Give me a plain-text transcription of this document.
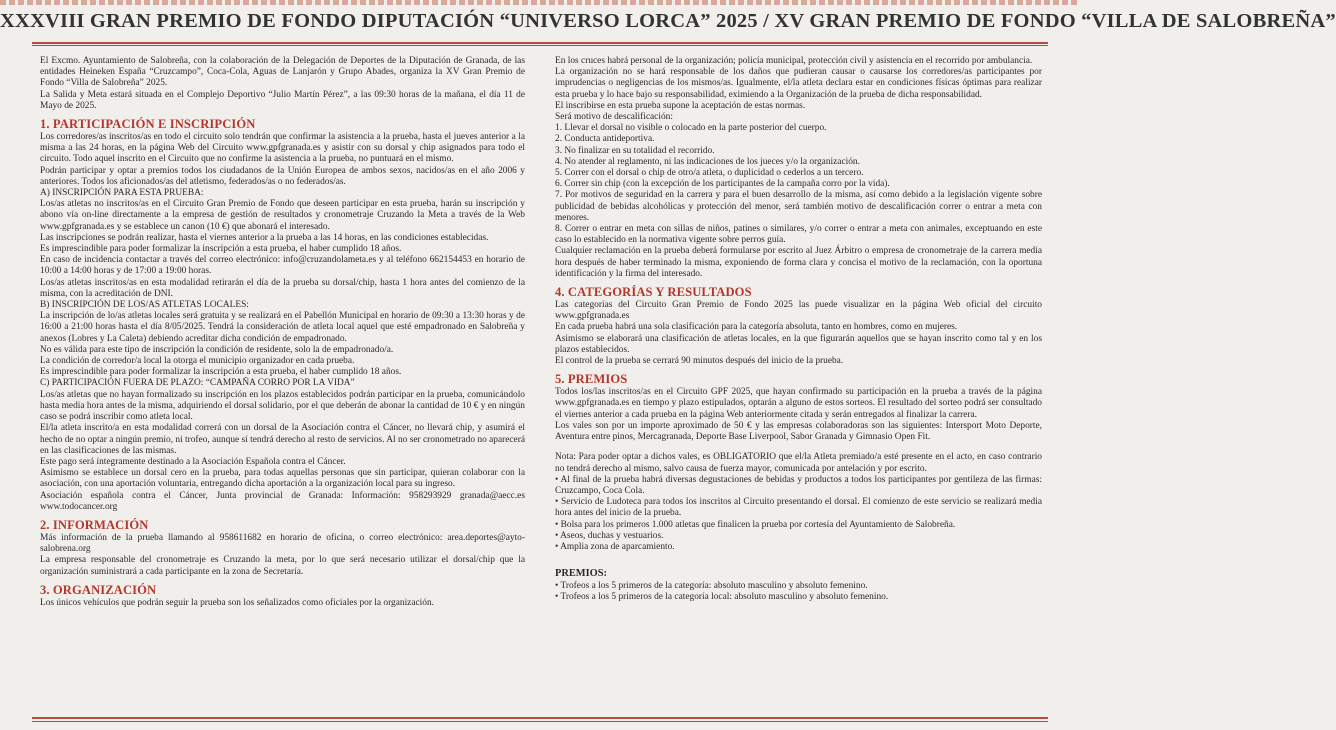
XXXVIII GRAN PREMIO DE FONDO DIPUTACIÓN “UNIVERSO LORCA” 2025 / XV GRAN PREMIO DE FONDO “VILLA DE SALOBREÑA”

El Excmo. Ayuntamiento de Salobreña, con la colaboración de la Delegación de Deportes de la Diputación de Granada, de las entidades Heineken España “Cruzcampo”, Coca-Cola, Aguas de Lanjarón y Grupo Abades, organiza la XV Gran Premio de Fondo “Villa de Salobreña” 2025.

La Salida y Meta estará situada en el Complejo Deportivo “Julio Martín Pérez”, a las 09:30 horas de la mañana, el día 11 de Mayo de 2025.

1. PARTICIPACIÓN E INSCRIPCIÓN

Los corredores/as inscritos/as en todo el circuito solo tendrán que confirmar la asistencia a la prueba, hasta el jueves anterior a la misma a las 24 horas, en la página Web del Circuito www.gpfgranada.es y asistir con su dorsal y chip asignados para todo el circuito. Todo aquel inscrito en el Circuito que no confirme la asistencia a la prueba, no puntuará en el mismo.

Podrán participar y optar a premios todos los ciudadanos de la Unión Europea de ambos sexos, nacidos/as en el año 2006 y anteriores. Todos los aficionados/as del atletismo, federados/as o no federados/as.

A) INSCRIPCIÓN PARA ESTA PRUEBA:

Los/as atletas no inscritos/as en el Circuito Gran Premio de Fondo que deseen participar en esta prueba, harán su inscripción y abono vía on-line directamente a la empresa de gestión de resultados y cronometraje Cruzando la Meta a través de la Web www.gpfgranada.es y se establece un canon (10 €) que abonará el interesado.

Las inscripciones se podrán realizar, hasta el viernes anterior a la prueba a las 14 horas, en las condiciones establecidas.

Es imprescindible para poder formalizar la inscripción a esta prueba, el haber cumplido 18 años.

En caso de incidencia contactar a través del correo electrónico: info@cruzandolameta.es y al teléfono 662154453 en horario de 10:00 a 14:00 horas y de 17:00 a 19:00 horas.

Los/as atletas inscritos/as en esta modalidad retirarán el día de la prueba su dorsal/chip, hasta 1 hora antes del comienzo de la misma, con la acreditación de DNI.

B) INSCRIPCIÓN DE LOS/AS ATLETAS LOCALES:

La inscripción de lo/as atletas locales será gratuita y se realizará en el Pabellón Municipal en horario de 09:30 a 13:30 horas y de 16:00 a 21:00 horas hasta el día 8/05/2025. Tendrá la consideración de atleta local aquel que esté empadronado en Salobreña y anexos (Lobres y La Caleta) debiendo acreditar dicha condición de empadronado.

No es válida para este tipo de inscripción la condición de residente, solo la de empadronado/a.

La condición de corredor/a local la otorga el municipio organizador en cada prueba.

Es imprescindible para poder formalizar la inscripción a esta prueba, el haber cumplido 18 años.

C) PARTICIPACIÓN FUERA DE PLAZO: “CAMPAÑA CORRO POR LA VIDA”

Los/as atletas que no hayan formalizado su inscripción en los plazos establecidos podrán participar en la prueba, comunicándolo hasta media hora antes de la misma, adquiriendo el dorsal solidario, por el que deberán de abonar la cantidad de 10 € y en ningún caso se podrá inscribir como atleta local.

El/la atleta inscrito/a en esta modalidad correrá con un dorsal de la Asociación contra el Cáncer, no llevará chip, y asumirá el hecho de no optar a ningún premio, ni trofeo, aunque sí tendrá derecho al resto de servicios. Al no ser cronometrado no aparecerá en las clasificaciones de las mismas.

Este pago será íntegramente destinado a la Asociación Española contra el Cáncer.

Asimismo se establece un dorsal cero en la prueba, para todas aquellas personas que sin participar, quieran colaborar con la asociación, con una aportación voluntaria, entregando dicha aportación a la organización local para su ingreso.

Asociación española contra el Cáncer, Junta provincial de Granada: Información: 958293929 granada@aecc.es www.todocancer.org

2. INFORMACIÓN

Más información de la prueba llamando al 958611682 en horario de oficina, o correo electrónico: area.deportes@ayto-salobrena.org

La empresa responsable del cronometraje es Cruzando la meta, por lo que será necesario utilizar el dorsal/chip que la organización suministrará a cada participante en la zona de Secretaría.

3. ORGANIZACIÓN

Los únicos vehículos que podrán seguir la prueba son los señalizados como oficiales por la organización.

En los cruces habrá personal de la organización; policía municipal, protección civil y asistencia en el recorrido por ambulancia.

La organización no se hará responsable de los daños que pudieran causar o causarse los corredores/as participantes por imprudencias o negligencias de los mismos/as. Igualmente, el/la atleta declara estar en condiciones físicas óptimas para realizar esta prueba y lo hace bajo su responsabilidad, eximiendo a la Organización de la prueba de dicha responsabilidad.

El inscribirse en esta prueba supone la aceptación de estas normas.

Será motivo de descalificación:

1. Llevar el dorsal no visible o colocado en la parte posterior del cuerpo.

2. Conducta antideportiva.

3. No finalizar en su totalidad el recorrido.

4. No atender al reglamento, ni las indicaciones de los jueces y/o la organización.

5. Correr con el dorsal o chip de otro/a atleta, o duplicidad o cederlos a un tercero.

6. Correr sin chip (con la excepción de los participantes de la campaña corro por la vida).

7. Por motivos de seguridad en la carrera y para el buen desarrollo de la misma, así como debido a la legislación vigente sobre publicidad de bebidas alcohólicas y protección del menor, será también motivo de descalificación correr o entrar a meta con menores.

8. Correr o entrar en meta con sillas de niños, patines o similares, y/o correr o entrar a meta con animales, exceptuando en este caso lo establecido en la normativa vigente sobre perros guía.

Cualquier reclamación en la prueba deberá formularse por escrito al Juez Árbitro o empresa de cronometraje de la carrera media hora después de haber terminado la misma, exponiendo de forma clara y concisa el motivo de la reclamación, con la oportuna identificación y la firma del interesado.

4. CATEGORÍAS Y RESULTADOS

Las categorías del Circuito Gran Premio de Fondo 2025 las puede visualizar en la página Web oficial del circuito www.gpfgranada.es

En cada prueba habrá una sola clasificación para la categoría absoluta, tanto en hombres, como en mujeres.

Asimismo se elaborará una clasificación de atletas locales, en la que figurarán aquellos que se hayan inscrito como tal y en los plazos establecidos.

El control de la prueba se cerrará 90 minutos después del inicio de la prueba.

5. PREMIOS

Todos los/las inscritos/as en el Circuito GPF 2025, que hayan confirmado su participación en la prueba a través de la página www.gpfgranada.es en tiempo y plazo estipulados, optarán a alguno de estos sorteos. El resultado del sorteo podrá ser consultado el viernes anterior a cada prueba en la página Web anteriormente citada y serán entregados al finalizar la carrera.

Los vales son por un importe aproximado de 50 € y las empresas colaboradoras son las siguientes: Intersport Moto Deporte, Aventura entre pinos, Mercagranada, Deporte Base Liverpool, Sabor Granada y Gimnasio Open Fit.

Nota: Para poder optar a dichos vales, es OBLIGATORIO que el/la Atleta premiado/a esté presente en el acto, en caso contrario no tendrá derecho al mismo, salvo causa de fuerza mayor, comunicada por antelación y por escrito.

• Al final de la prueba habrá diversas degustaciones de bebidas y productos a todos los participantes por gentileza de las firmas: Cruzcampo, Coca Cola.

• Servicio de Ludoteca para todos los inscritos al Circuito presentando el dorsal. El comienzo de este servicio se realizará media hora antes del inicio de la prueba.

• Bolsa para los primeros 1.000 atletas que finalicen la prueba por cortesía del Ayuntamiento de Salobreña.

• Aseos, duchas y vestuarios.

• Amplia zona de aparcamiento.

PREMIOS:

• Trofeos a los 5 primeros de la categoría: absoluto masculino y absoluto femenino.

• Trofeos a los 5 primeros de la categoría local: absoluto masculino y absoluto femenino.
